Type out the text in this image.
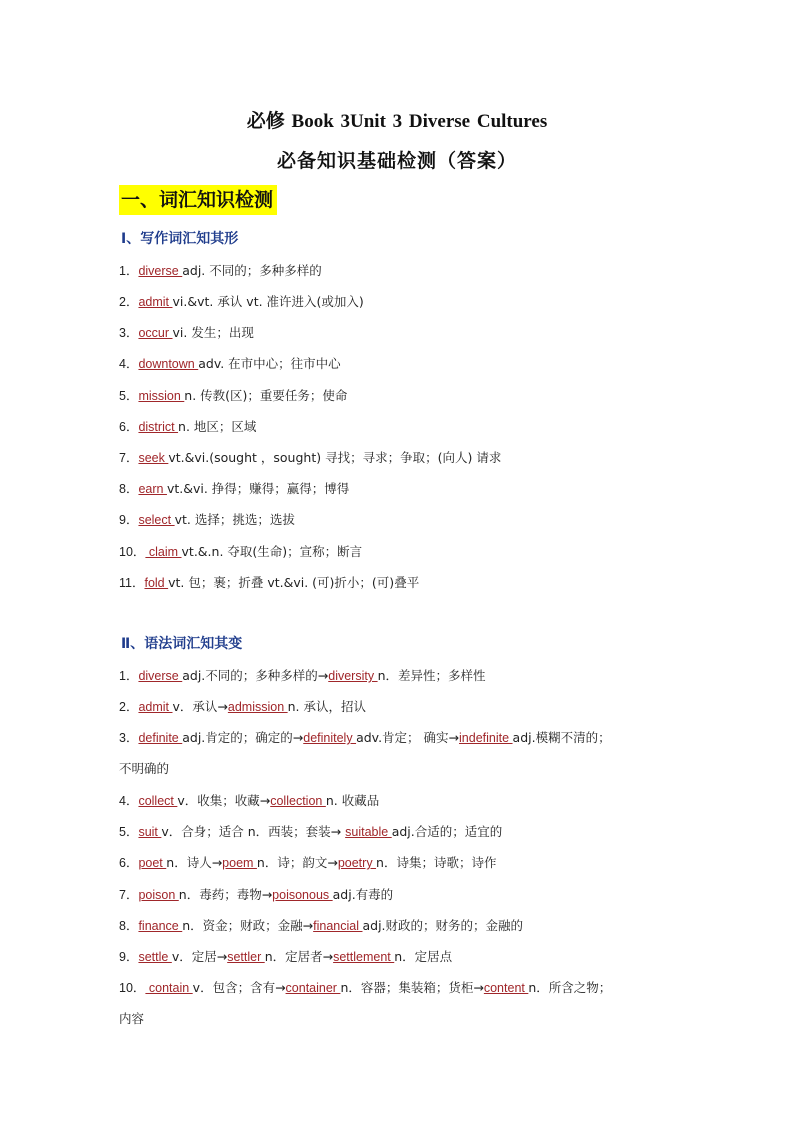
必修 Book 3Unit 3 Diverse Cultures
必备知识基础检测（答案）
一、词汇知识检测
Ⅰ、写作词汇知其形
1．diverse adj. 不同的；多种多样的
2．admit vi.&vt. 承认 vt. 准许进入(或加入)
3．occur vi. 发生；出现
4．downtown adv. 在市中心；往市中心
5．mission n. 传教(区)；重要任务；使命
6．district n. 地区；区域
7．seek vt.&vi.(sought ，sought) 寻找；寻求；争取；(向人) 请求
8．earn vt.&vi. 挣得；赚得；赢得；博得
9．select vt. 选择；挑选；选拔
10． claim vt.&.n. 夺取(生命)；宣称；断言
11．fold vt. 包；裹；折叠 vt.&vi. (可)折小；(可)叠平
Ⅱ、语法词汇知其变
1．diverse adj.不同的；多种多样的→diversity n．差异性；多样性
2．admit v．承认→admission n. 承认，招认
3．definite adj.肯定的；确定的→definitely adv.肯定； 确实→indefinite adj.模糊不清的；
不明确的
4．collect v．收集；收藏→collection n. 收藏品
5．suit v．合身；适合 n．西装；套装→ suitable adj.合适的；适宜的
6．poet n．诗人→poem n．诗；韵文→poetry n．诗集；诗歌；诗作
7．poison n．毒药；毒物→poisonous adj.有毒的
8．finance n．资金；财政；金融→financial adj.财政的；财务的；金融的
9．settle v．定居→settler n．定居者→settlement n．定居点
10． contain v．包含；含有→container n．容器；集装箱；货柜→content n．所含之物；
内容
